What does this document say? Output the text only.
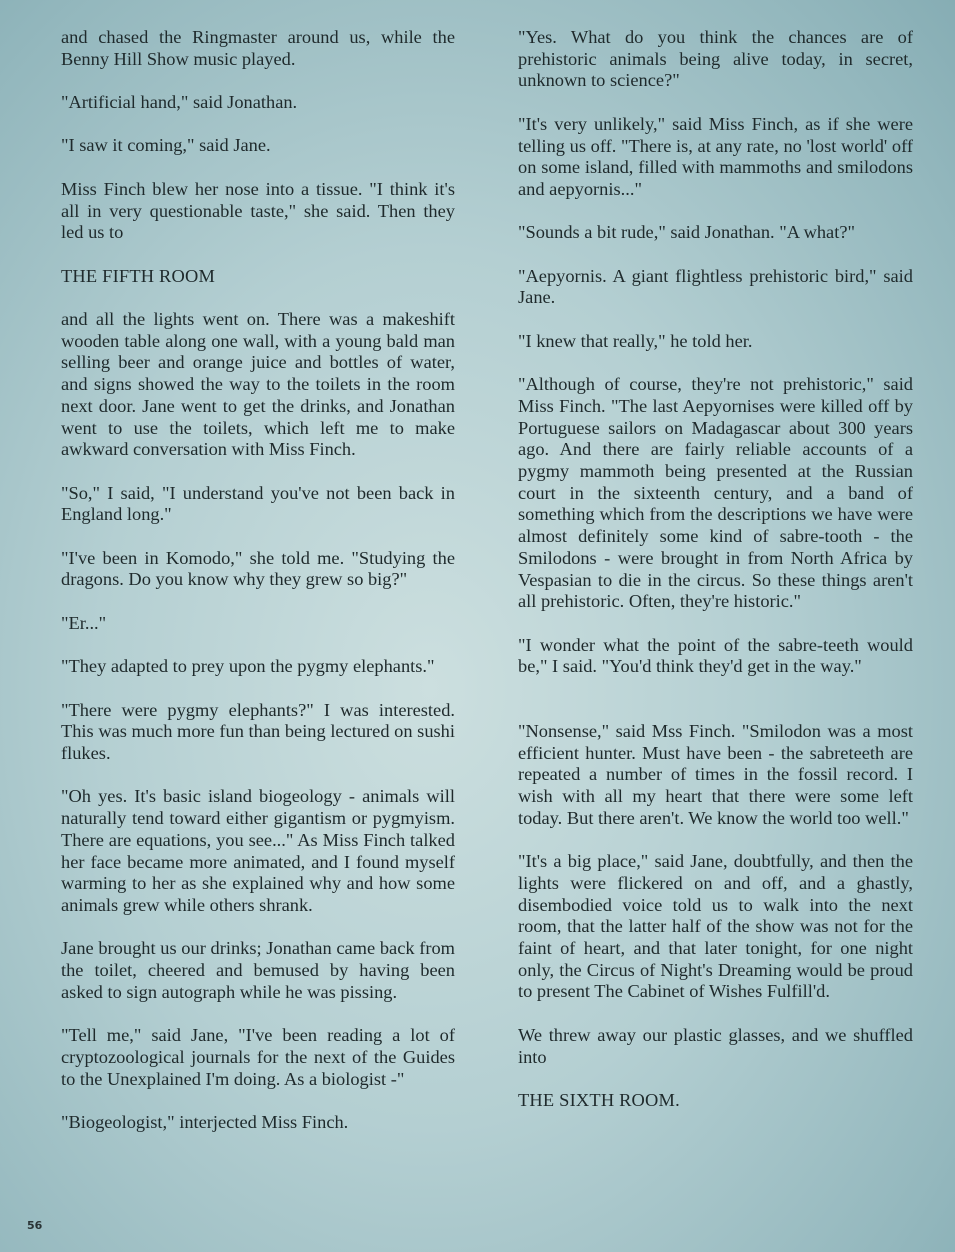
and chased the Ringmaster around us, while the Benny Hill Show music played.

"Artificial hand," said Jonathan.

"I saw it coming," said Jane.

Miss Finch blew her nose into a tissue. "I think it's all in very questionable taste," she said. Then they led us to

THE FIFTH ROOM

and all the lights went on. There was a makeshift wooden table along one wall, with a young bald man selling beer and orange juice and bottles of water, and signs showed the way to the toilets in the room next door. Jane went to get the drinks, and Jonathan went to use the toilets, which left me to make awkward conversation with Miss Finch.

"So," I said, "I understand you've not been back in England long."

"I've been in Komodo," she told me. "Studying the dragons. Do you know why they grew so big?"

"Er..."

"They adapted to prey upon the pygmy elephants."

"There were pygmy elephants?" I was interested. This was much more fun than being lectured on sushi flukes.

"Oh yes. It's basic island biogeology - animals will naturally tend toward either gigantism or pygmyism. There are equations, you see..." As Miss Finch talked her face became more animated, and I found myself warming to her as she explained why and how some animals grew while others shrank.

Jane brought us our drinks; Jonathan came back from the toilet, cheered and bemused by having been asked to sign autograph while he was pissing.

"Tell me," said Jane, "I've been reading a lot of cryptozoological journals for the next of the Guides to the Unexplained I'm doing. As a biologist -"

"Biogeologist," interjected Miss Finch.

"Yes. What do you think the chances are of prehistoric animals being alive today, in secret, unknown to science?"

"It's very unlikely," said Miss Finch, as if she were telling us off. "There is, at any rate, no 'lost world' off on some island, filled with mammoths and smilodons and aepyornis..."

"Sounds a bit rude," said Jonathan. "A what?"

"Aepyornis. A giant flightless prehistoric bird," said Jane.

"I knew that really," he told her.

"Although of course, they're not prehistoric," said Miss Finch. "The last Aepyornises were killed off by Portuguese sailors on Madagascar about 300 years ago. And there are fairly reliable accounts of a pygmy mammoth being presented at the Russian court in the sixteenth century, and a band of something which from the descriptions we have were almost definitely some kind of sabre-tooth - the Smilodons - were brought in from North Africa by Vespasian to die in the circus. So these things aren't all prehistoric. Often, they're historic."

"I wonder what the point of the sabre-teeth would be," I said. "You'd think they'd get in the way."

"Nonsense," said Mss Finch. "Smilodon was a most efficient hunter. Must have been - the sabreteeth are repeated a number of times in the fossil record. I wish with all my heart that there were some left today. But there aren't. We know the world too well."

"It's a big place," said Jane, doubtfully, and then the lights were flickered on and off, and a ghastly, disembodied voice told us to walk into the next room, that the latter half of the show was not for the faint of heart, and that later tonight, for one night only, the Circus of Night's Dreaming would be proud to present The Cabinet of Wishes Fulfill'd.

We threw away our plastic glasses, and we shuffled into

THE SIXTH ROOM.

56
